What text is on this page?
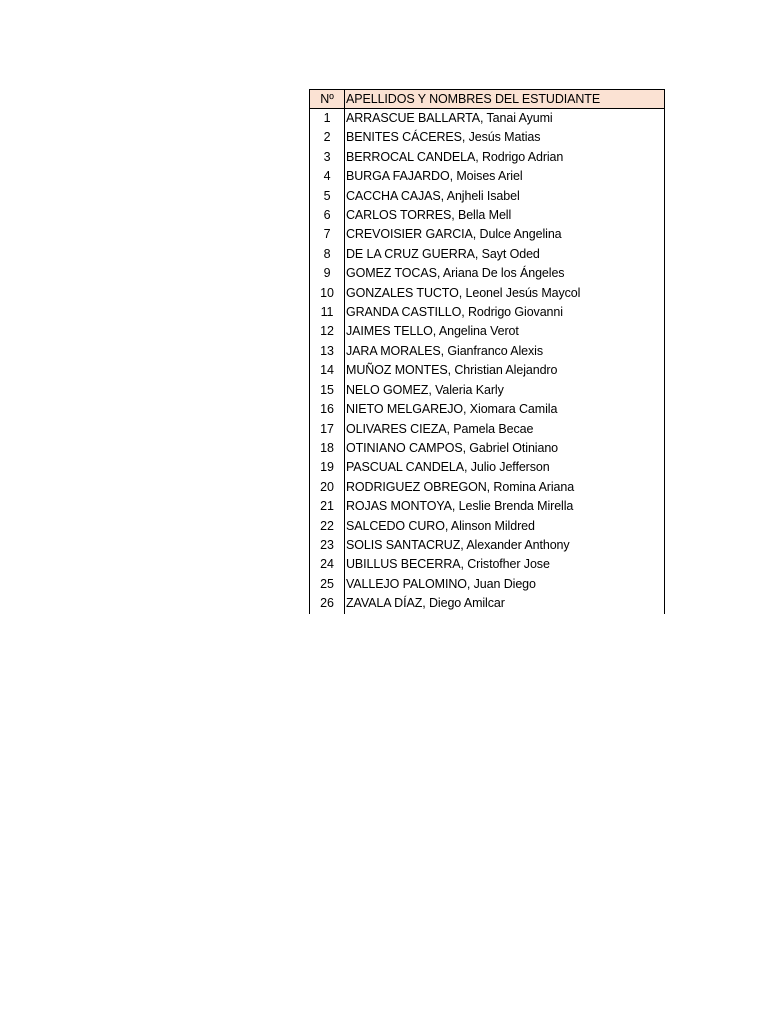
Nº	APELLIDOS Y NOMBRES DEL ESTUDIANTE
1	ARRASCUE BALLARTA, Tanai Ayumi
2	BENITES CÁCERES, Jesús Matias
3	BERROCAL CANDELA, Rodrigo Adrian
4	BURGA FAJARDO, Moises Ariel
5	CACCHA CAJAS, Anjheli Isabel
6	CARLOS TORRES, Bella Mell
7	CREVOISIER GARCIA, Dulce Angelina
8	DE LA CRUZ GUERRA, Sayt Oded
9	GOMEZ TOCAS, Ariana De los Ángeles
10	GONZALES TUCTO, Leonel Jesús Maycol
11	GRANDA CASTILLO, Rodrigo Giovanni
12	JAIMES TELLO, Angelina Verot
13	JARA MORALES, Gianfranco Alexis
14	MUÑOZ MONTES, Christian Alejandro
15	NELO GOMEZ, Valeria Karly
16	NIETO MELGAREJO, Xiomara Camila
17	OLIVARES CIEZA, Pamela Becae
18	OTINIANO CAMPOS, Gabriel Otiniano
19	PASCUAL CANDELA, Julio Jefferson
20	RODRIGUEZ OBREGON, Romina Ariana
21	ROJAS MONTOYA, Leslie Brenda Mirella
22	SALCEDO CURO, Alinson Mildred
23	SOLIS SANTACRUZ, Alexander Anthony
24	UBILLUS BECERRA, Cristofher Jose
25	VALLEJO PALOMINO, Juan Diego
26	ZAVALA DÍAZ, Diego Amilcar
